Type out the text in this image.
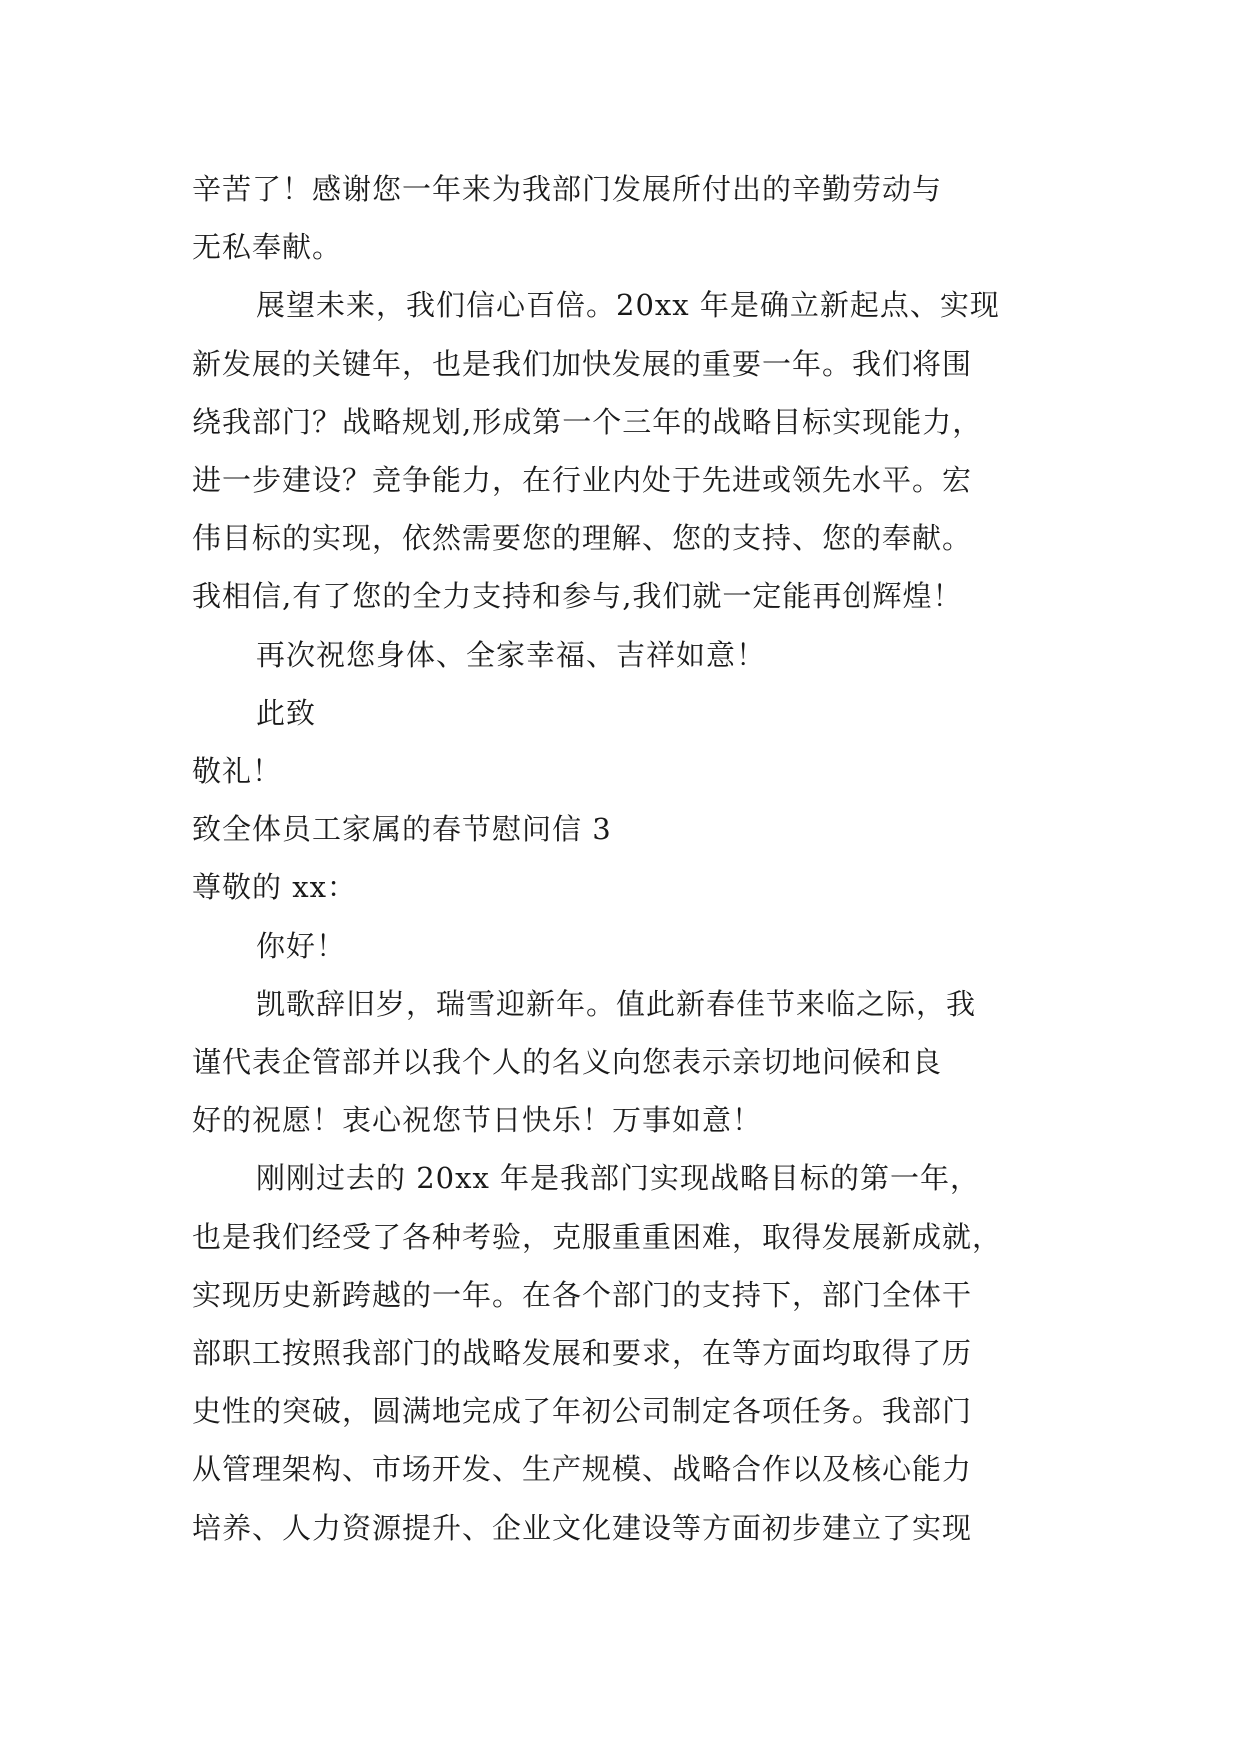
辛苦了！感谢您一年来为我部门发展所付出的辛勤劳动与
无私奉献。

展望未来，我们信心百倍。20xx 年是确立新起点、实现
新发展的关键年，也是我们加快发展的重要一年。我们将围
绕我部门？战略规划,形成第一个三年的战略目标实现能力，
进一步建设？竞争能力，在行业内处于先进或领先水平。宏
伟目标的实现，依然需要您的理解、您的支持、您的奉献。
我相信,有了您的全力支持和参与,我们就一定能再创辉煌！

再次祝您身体、全家幸福、吉祥如意！

此致

敬礼！

致全体员工家属的春节慰问信 3

尊敬的 xx：

你好！

凯歌辞旧岁，瑞雪迎新年。值此新春佳节来临之际，我
谨代表企管部并以我个人的名义向您表示亲切地问候和良
好的祝愿！衷心祝您节日快乐！万事如意！

刚刚过去的 20xx 年是我部门实现战略目标的第一年，
也是我们经受了各种考验，克服重重困难，取得发展新成就，
实现历史新跨越的一年。在各个部门的支持下，部门全体干
部职工按照我部门的战略发展和要求，在等方面均取得了历
史性的突破，圆满地完成了年初公司制定各项任务。我部门
从管理架构、市场开发、生产规模、战略合作以及核心能力
培养、人力资源提升、企业文化建设等方面初步建立了实现
